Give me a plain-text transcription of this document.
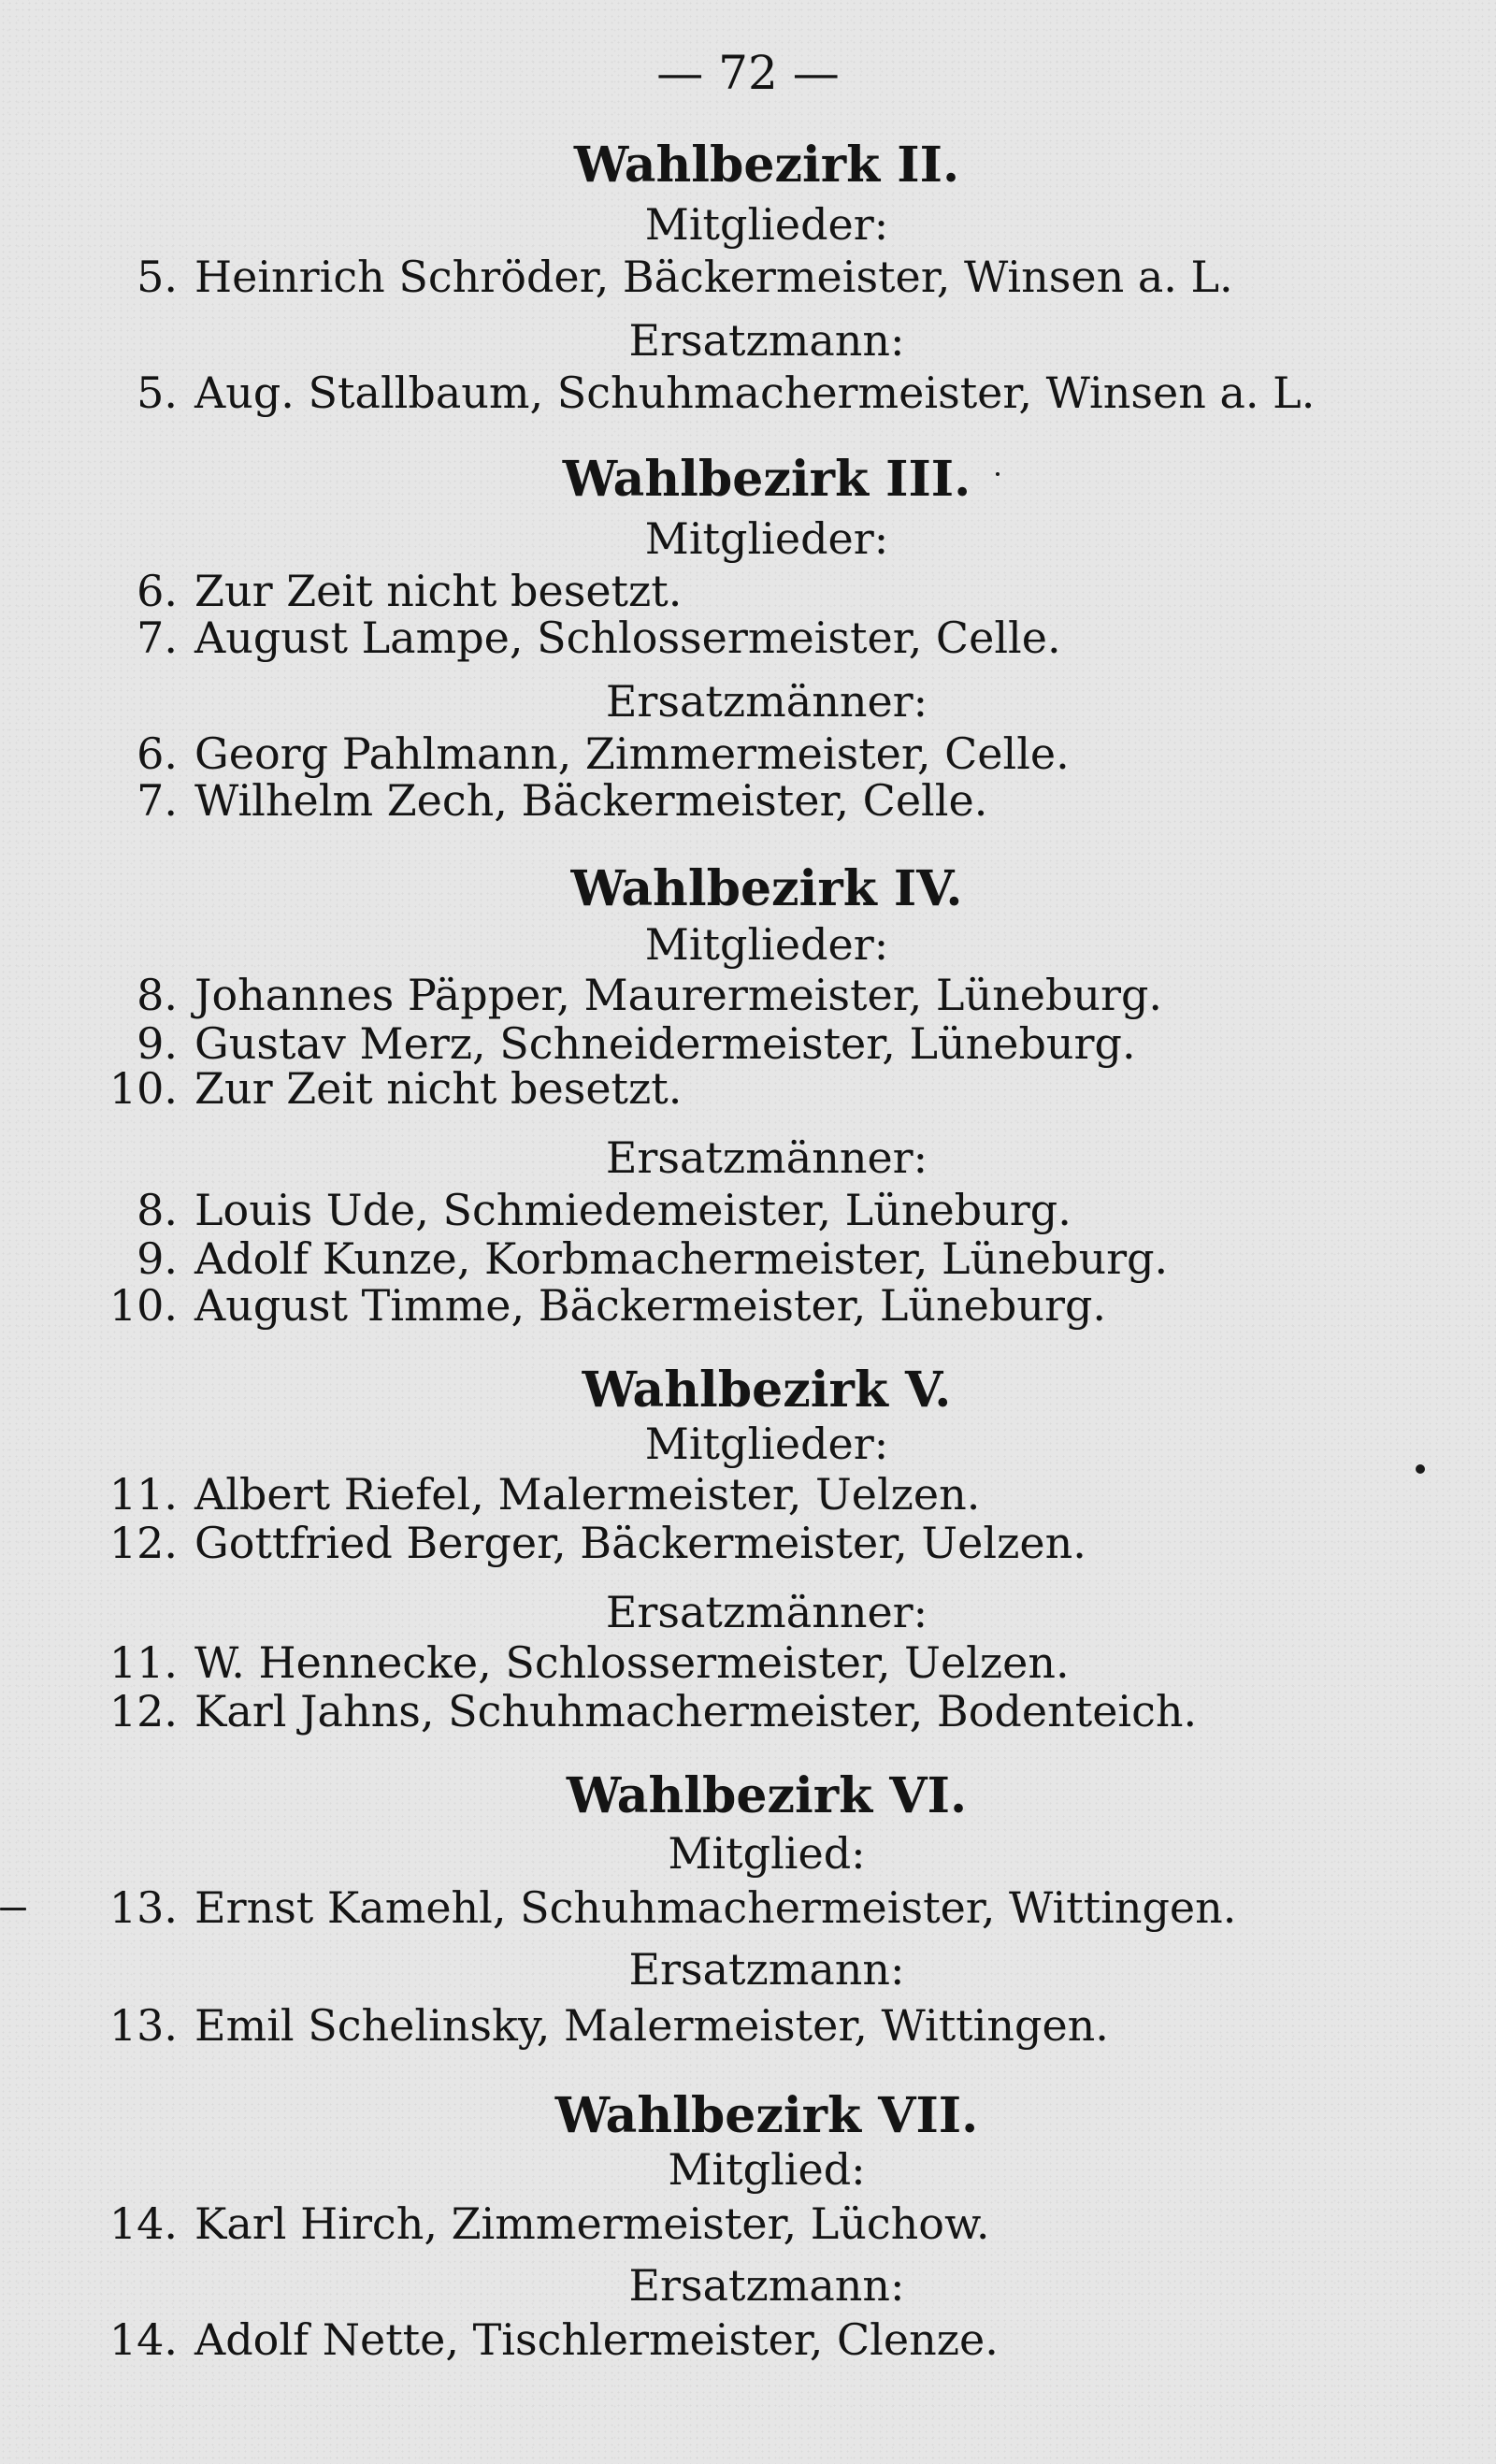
— 72 —
Wahlbezirk II.
Mitglieder:
5. Heinrich Schröder, Bäckermeister, Winsen a. L.
Ersatzmann:
5. Aug. Stallbaum, Schuhmachermeister, Winsen a. L.
Wahlbezirk III.
Mitglieder:
6. Zur Zeit nicht besetzt.
7. August Lampe, Schlossermeister, Celle.
Ersatzmänner:
6. Georg Pahlmann, Zimmermeister, Celle.
7. Wilhelm Zech, Bäckermeister, Celle.
Wahlbezirk IV.
Mitglieder:
8. Johannes Päpper, Maurermeister, Lüneburg.
9. Gustav Merz, Schneidermeister, Lüneburg.
10. Zur Zeit nicht besetzt.
Ersatzmänner:
8. Louis Ude, Schmiedemeister, Lüneburg.
9. Adolf Kunze, Korbmachermeister, Lüneburg.
10. August Timme, Bäckermeister, Lüneburg.
Wahlbezirk V.
Mitglieder:
11. Albert Riefel, Malermeister, Uelzen.
12. Gottfried Berger, Bäckermeister, Uelzen.
Ersatzmänner:
11. W. Hennecke, Schlossermeister, Uelzen.
12. Karl Jahns, Schuhmachermeister, Bodenteich.
Wahlbezirk VI.
Mitglied:
13. Ernst Kamehl, Schuhmachermeister, Wittingen.
Ersatzmann:
13. Emil Schelinsky, Malermeister, Wittingen.
Wahlbezirk VII.
Mitglied:
14. Karl Hirch, Zimmermeister, Lüchow.
Ersatzmann:
14. Adolf Nette, Tischlermeister, Clenze.
